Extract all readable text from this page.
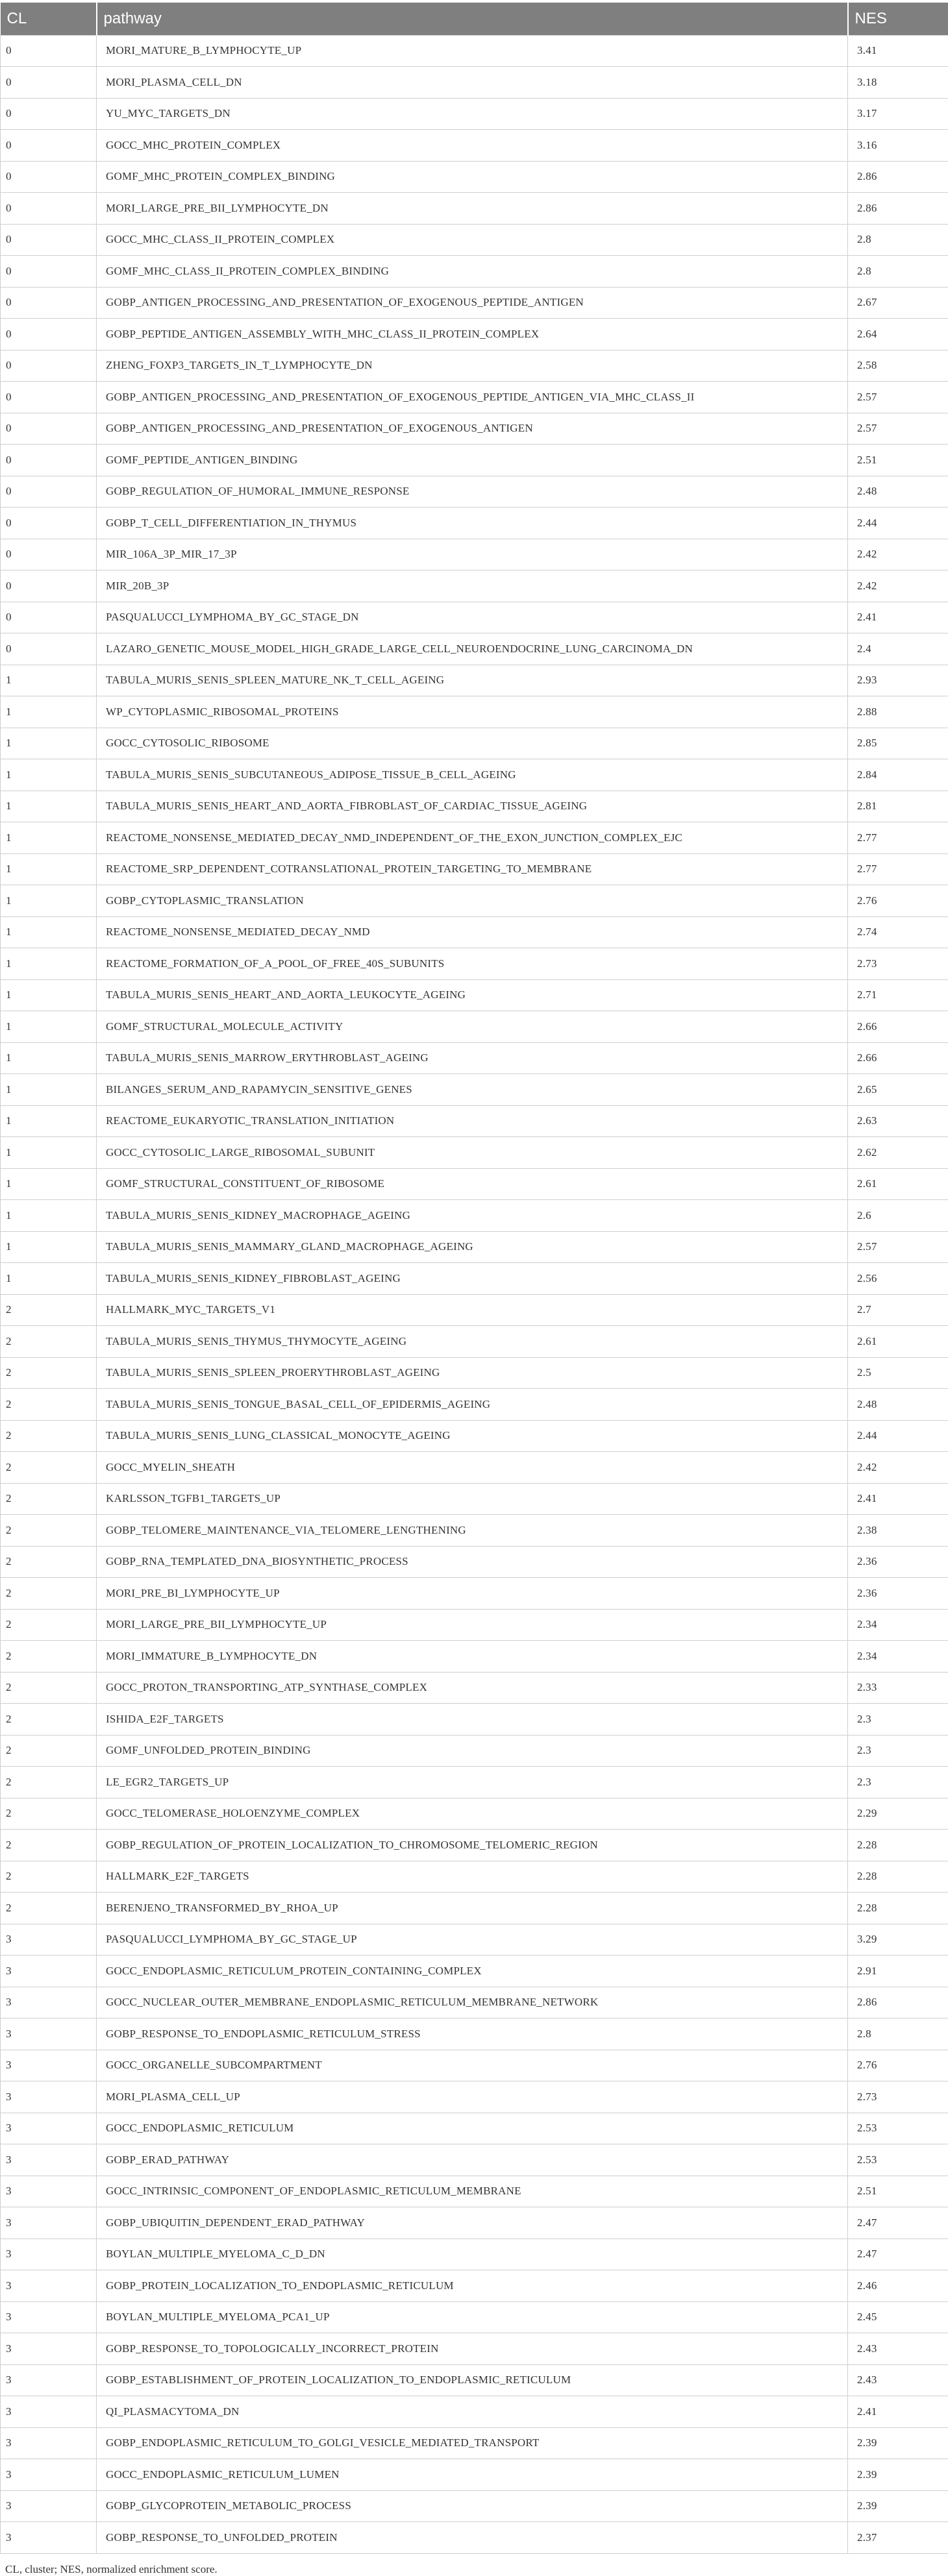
CL	pathway	NES
0	MORI_MATURE_B_LYMPHOCYTE_UP	3.41
0	MORI_PLASMA_CELL_DN	3.18
0	YU_MYC_TARGETS_DN	3.17
0	GOCC_MHC_PROTEIN_COMPLEX	3.16
0	GOMF_MHC_PROTEIN_COMPLEX_BINDING	2.86
0	MORI_LARGE_PRE_BII_LYMPHOCYTE_DN	2.86
0	GOCC_MHC_CLASS_II_PROTEIN_COMPLEX	2.8
0	GOMF_MHC_CLASS_II_PROTEIN_COMPLEX_BINDING	2.8
0	GOBP_ANTIGEN_PROCESSING_AND_PRESENTATION_OF_EXOGENOUS_PEPTIDE_ANTIGEN	2.67
0	GOBP_PEPTIDE_ANTIGEN_ASSEMBLY_WITH_MHC_CLASS_II_PROTEIN_COMPLEX	2.64
0	ZHENG_FOXP3_TARGETS_IN_T_LYMPHOCYTE_DN	2.58
0	GOBP_ANTIGEN_PROCESSING_AND_PRESENTATION_OF_EXOGENOUS_PEPTIDE_ANTIGEN_VIA_MHC_CLASS_II	2.57
0	GOBP_ANTIGEN_PROCESSING_AND_PRESENTATION_OF_EXOGENOUS_ANTIGEN	2.57
0	GOMF_PEPTIDE_ANTIGEN_BINDING	2.51
0	GOBP_REGULATION_OF_HUMORAL_IMMUNE_RESPONSE	2.48
0	GOBP_T_CELL_DIFFERENTIATION_IN_THYMUS	2.44
0	MIR_106A_3P_MIR_17_3P	2.42
0	MIR_20B_3P	2.42
0	PASQUALUCCI_LYMPHOMA_BY_GC_STAGE_DN	2.41
0	LAZARO_GENETIC_MOUSE_MODEL_HIGH_GRADE_LARGE_CELL_NEUROENDOCRINE_LUNG_CARCINOMA_DN	2.4
1	TABULA_MURIS_SENIS_SPLEEN_MATURE_NK_T_CELL_AGEING	2.93
1	WP_CYTOPLASMIC_RIBOSOMAL_PROTEINS	2.88
1	GOCC_CYTOSOLIC_RIBOSOME	2.85
1	TABULA_MURIS_SENIS_SUBCUTANEOUS_ADIPOSE_TISSUE_B_CELL_AGEING	2.84
1	TABULA_MURIS_SENIS_HEART_AND_AORTA_FIBROBLAST_OF_CARDIAC_TISSUE_AGEING	2.81
1	REACTOME_NONSENSE_MEDIATED_DECAY_NMD_INDEPENDENT_OF_THE_EXON_JUNCTION_COMPLEX_EJC	2.77
1	REACTOME_SRP_DEPENDENT_COTRANSLATIONAL_PROTEIN_TARGETING_TO_MEMBRANE	2.77
1	GOBP_CYTOPLASMIC_TRANSLATION	2.76
1	REACTOME_NONSENSE_MEDIATED_DECAY_NMD	2.74
1	REACTOME_FORMATION_OF_A_POOL_OF_FREE_40S_SUBUNITS	2.73
1	TABULA_MURIS_SENIS_HEART_AND_AORTA_LEUKOCYTE_AGEING	2.71
1	GOMF_STRUCTURAL_MOLECULE_ACTIVITY	2.66
1	TABULA_MURIS_SENIS_MARROW_ERYTHROBLAST_AGEING	2.66
1	BILANGES_SERUM_AND_RAPAMYCIN_SENSITIVE_GENES	2.65
1	REACTOME_EUKARYOTIC_TRANSLATION_INITIATION	2.63
1	GOCC_CYTOSOLIC_LARGE_RIBOSOMAL_SUBUNIT	2.62
1	GOMF_STRUCTURAL_CONSTITUENT_OF_RIBOSOME	2.61
1	TABULA_MURIS_SENIS_KIDNEY_MACROPHAGE_AGEING	2.6
1	TABULA_MURIS_SENIS_MAMMARY_GLAND_MACROPHAGE_AGEING	2.57
1	TABULA_MURIS_SENIS_KIDNEY_FIBROBLAST_AGEING	2.56
2	HALLMARK_MYC_TARGETS_V1	2.7
2	TABULA_MURIS_SENIS_THYMUS_THYMOCYTE_AGEING	2.61
2	TABULA_MURIS_SENIS_SPLEEN_PROERYTHROBLAST_AGEING	2.5
2	TABULA_MURIS_SENIS_TONGUE_BASAL_CELL_OF_EPIDERMIS_AGEING	2.48
2	TABULA_MURIS_SENIS_LUNG_CLASSICAL_MONOCYTE_AGEING	2.44
2	GOCC_MYELIN_SHEATH	2.42
2	KARLSSON_TGFB1_TARGETS_UP	2.41
2	GOBP_TELOMERE_MAINTENANCE_VIA_TELOMERE_LENGTHENING	2.38
2	GOBP_RNA_TEMPLATED_DNA_BIOSYNTHETIC_PROCESS	2.36
2	MORI_PRE_BI_LYMPHOCYTE_UP	2.36
2	MORI_LARGE_PRE_BII_LYMPHOCYTE_UP	2.34
2	MORI_IMMATURE_B_LYMPHOCYTE_DN	2.34
2	GOCC_PROTON_TRANSPORTING_ATP_SYNTHASE_COMPLEX	2.33
2	ISHIDA_E2F_TARGETS	2.3
2	GOMF_UNFOLDED_PROTEIN_BINDING	2.3
2	LE_EGR2_TARGETS_UP	2.3
2	GOCC_TELOMERASE_HOLOENZYME_COMPLEX	2.29
2	GOBP_REGULATION_OF_PROTEIN_LOCALIZATION_TO_CHROMOSOME_TELOMERIC_REGION	2.28
2	HALLMARK_E2F_TARGETS	2.28
2	BERENJENO_TRANSFORMED_BY_RHOA_UP	2.28
3	PASQUALUCCI_LYMPHOMA_BY_GC_STAGE_UP	3.29
3	GOCC_ENDOPLASMIC_RETICULUM_PROTEIN_CONTAINING_COMPLEX	2.91
3	GOCC_NUCLEAR_OUTER_MEMBRANE_ENDOPLASMIC_RETICULUM_MEMBRANE_NETWORK	2.86
3	GOBP_RESPONSE_TO_ENDOPLASMIC_RETICULUM_STRESS	2.8
3	GOCC_ORGANELLE_SUBCOMPARTMENT	2.76
3	MORI_PLASMA_CELL_UP	2.73
3	GOCC_ENDOPLASMIC_RETICULUM	2.53
3	GOBP_ERAD_PATHWAY	2.53
3	GOCC_INTRINSIC_COMPONENT_OF_ENDOPLASMIC_RETICULUM_MEMBRANE	2.51
3	GOBP_UBIQUITIN_DEPENDENT_ERAD_PATHWAY	2.47
3	BOYLAN_MULTIPLE_MYELOMA_C_D_DN	2.47
3	GOBP_PROTEIN_LOCALIZATION_TO_ENDOPLASMIC_RETICULUM	2.46
3	BOYLAN_MULTIPLE_MYELOMA_PCA1_UP	2.45
3	GOBP_RESPONSE_TO_TOPOLOGICALLY_INCORRECT_PROTEIN	2.43
3	GOBP_ESTABLISHMENT_OF_PROTEIN_LOCALIZATION_TO_ENDOPLASMIC_RETICULUM	2.43
3	QI_PLASMACYTOMA_DN	2.41
3	GOBP_ENDOPLASMIC_RETICULUM_TO_GOLGI_VESICLE_MEDIATED_TRANSPORT	2.39
3	GOCC_ENDOPLASMIC_RETICULUM_LUMEN	2.39
3	GOBP_GLYCOPROTEIN_METABOLIC_PROCESS	2.39
3	GOBP_RESPONSE_TO_UNFOLDED_PROTEIN	2.37
CL, cluster; NES, normalized enrichment score.
